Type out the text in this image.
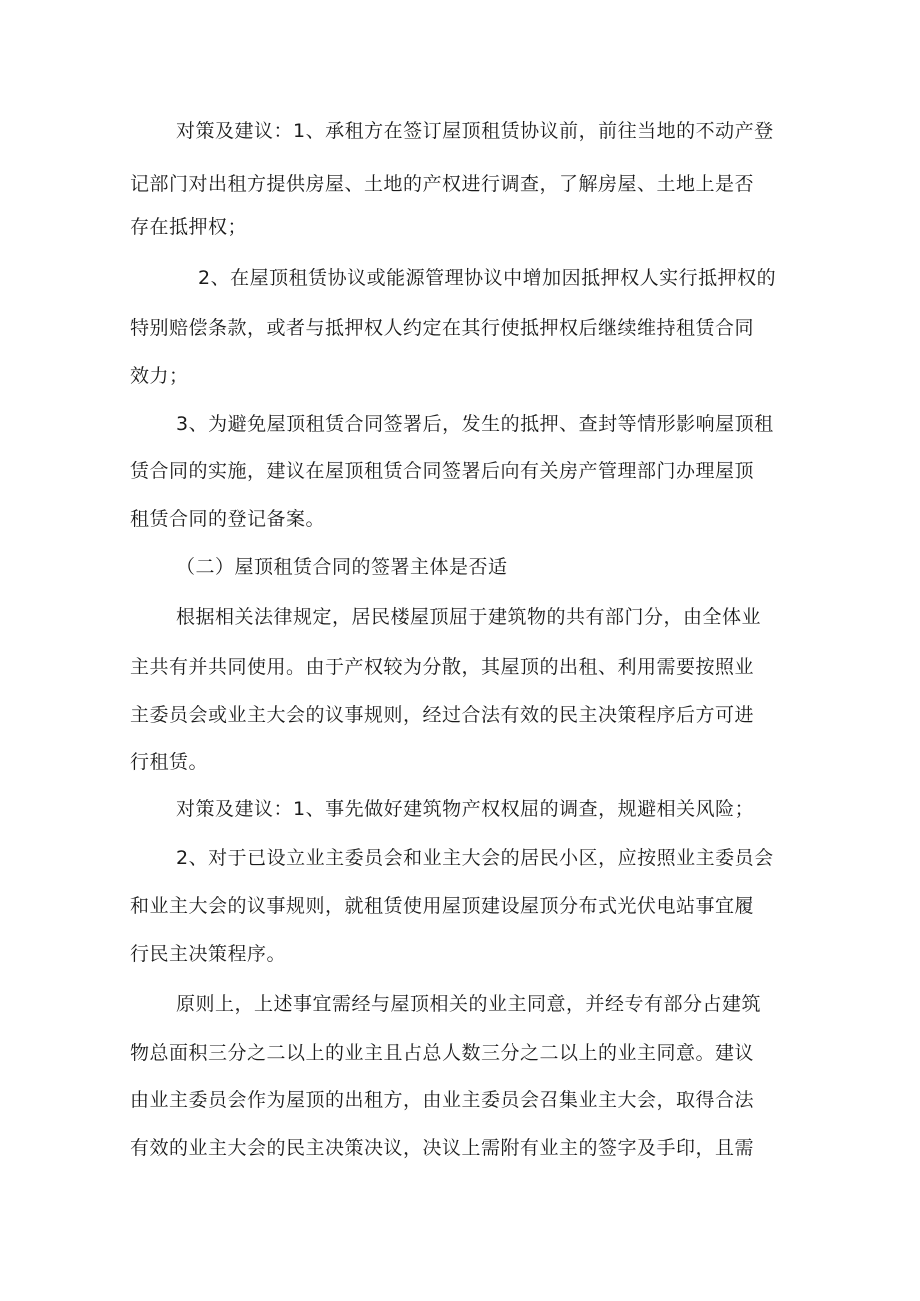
对策及建议：1、承租方在签订屋顶租赁协议前，前往当地的不动产登
记部门对出租方提供房屋、土地的产权进行调查，了解房屋、土地上是否
存在抵押权；
2、在屋顶租赁协议或能源管理协议中增加因抵押权人实行抵押权的
特别赔偿条款，或者与抵押权人约定在其行使抵押权后继续维持租赁合同
效力；
3、为避免屋顶租赁合同签署后，发生的抵押、查封等情形影响屋顶租
赁合同的实施，建议在屋顶租赁合同签署后向有关房产管理部门办理屋顶
租赁合同的登记备案。
（二）屋顶租赁合同的签署主体是否适
根据相关法律规定，居民楼屋顶屈于建筑物的共有部门分，由全体业
主共有并共同使用。由于产权较为分散，其屋顶的出租、利用需要按照业
主委员会或业主大会的议事规则，经过合法有效的民主决策程序后方可进
行租赁。
对策及建议：1、事先做好建筑物产权权屈的调查，规避相关风险；
2、对于已设立业主委员会和业主大会的居民小区，应按照业主委员会
和业主大会的议事规则，就租赁使用屋顶建设屋顶分布式光伏电站事宜履
行民主决策程序。
原则上，上述事宜需经与屋顶相关的业主同意，并经专有部分占建筑
物总面积三分之二以上的业主且占总人数三分之二以上的业主同意。建议
由业主委员会作为屋顶的出租方，由业主委员会召集业主大会，取得合法
有效的业主大会的民主决策决议，决议上需附有业主的签字及手印，且需
